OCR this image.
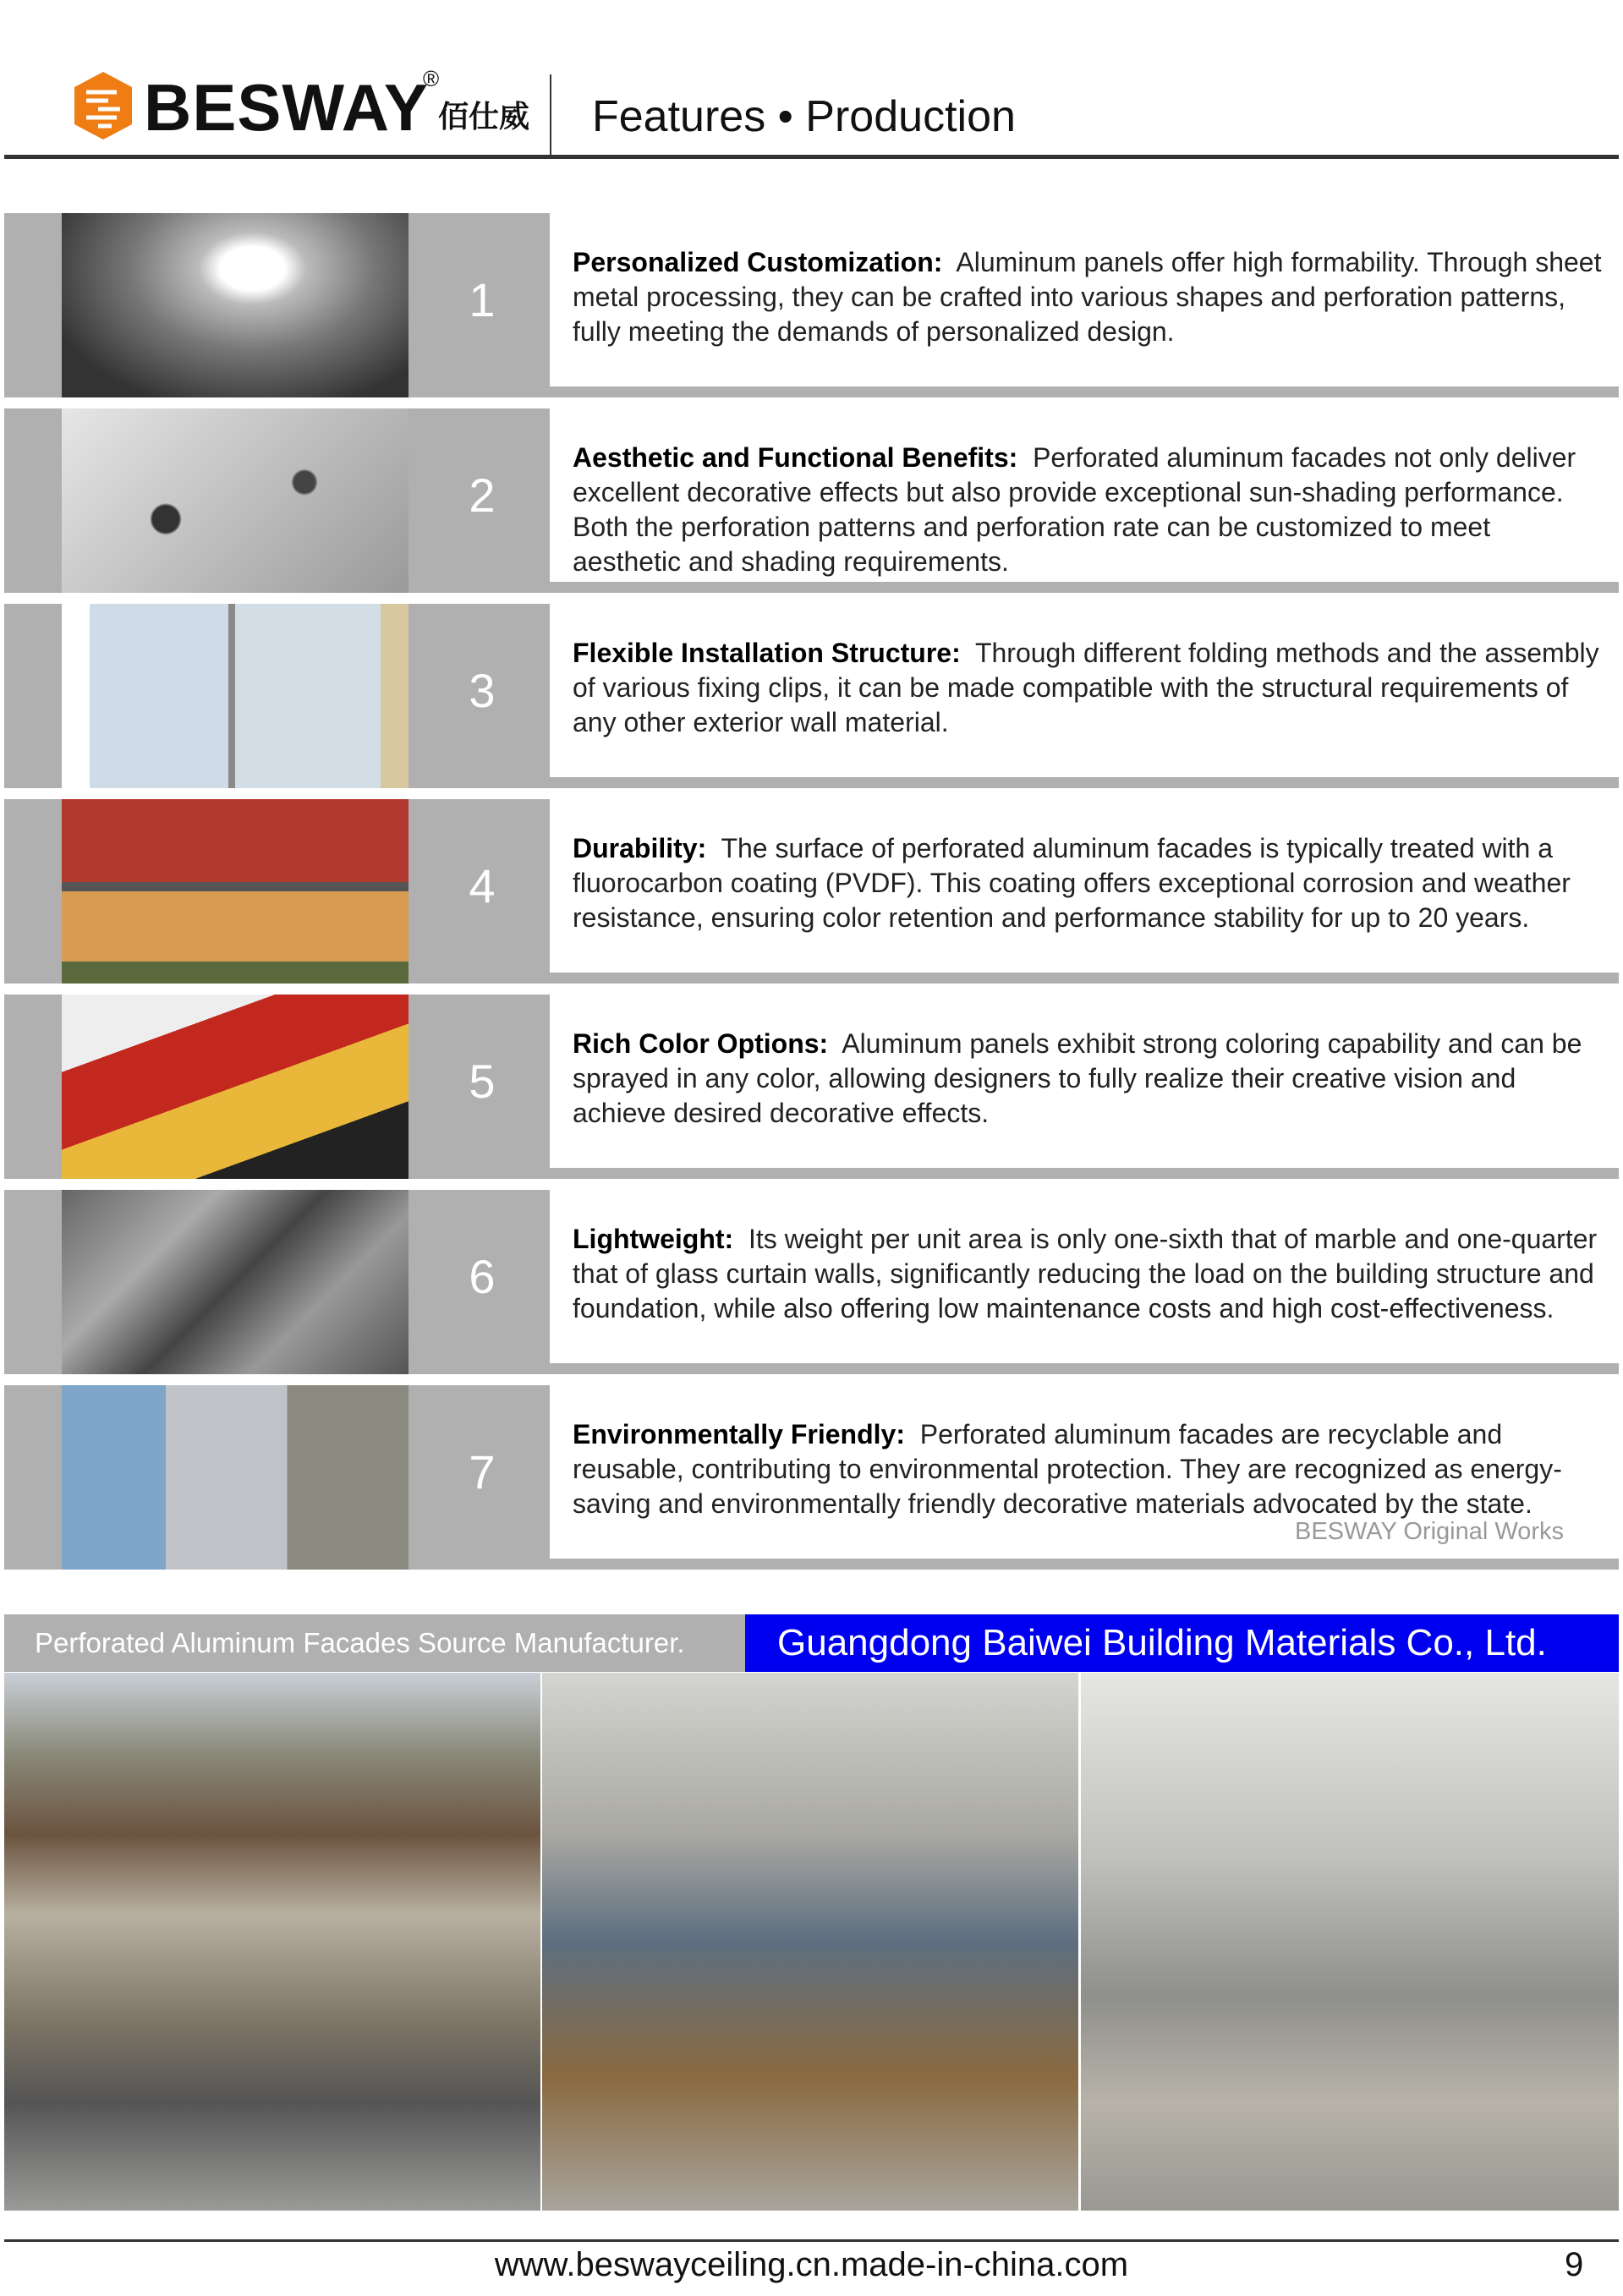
BESWAY
®
佰仕威 Features • Production
1
Personalized Customization: Aluminum panels offer high formability. Through sheet metal processing, they can be crafted into various shapes and perforation patterns, fully meeting the demands of personalized design.
2
Aesthetic and Functional Benefits: Perforated aluminum facades not only deliver excellent decorative effects but also provide exceptional sun-shading performance. Both the perforation patterns and perforation rate can be customized to meet aesthetic and shading requirements.
3
Flexible Installation Structure: Through different folding methods and the assembly of various fixing clips, it can be made compatible with the structural requirements of any other exterior wall material.
4
Durability: The surface of perforated aluminum facades is typically treated with a fluorocarbon coating (PVDF). This coating offers exceptional corrosion and weather resistance, ensuring color retention and performance stability for up to 20 years.
5
Rich Color Options: Aluminum panels exhibit strong coloring capability and can be sprayed in any color, allowing designers to fully realize their creative vision and achieve desired decorative effects.
6
Lightweight: Its weight per unit area is only one-sixth that of marble and one-quarter that of glass curtain walls, significantly reducing the load on the building structure and foundation, while also offering low maintenance costs and high cost-effectiveness.
7
Environmentally Friendly: Perforated aluminum facades are recyclable and reusable, contributing to environmental protection. They are recognized as energy-saving and environmentally friendly decorative materials advocated by the state.
BESWAY Original Works
Perforated Aluminum Facades Source Manufacturer.	Guangdong Baiwei Building Materials Co., Ltd.
www.beswayceiling.cn.made-in-china.com	9
